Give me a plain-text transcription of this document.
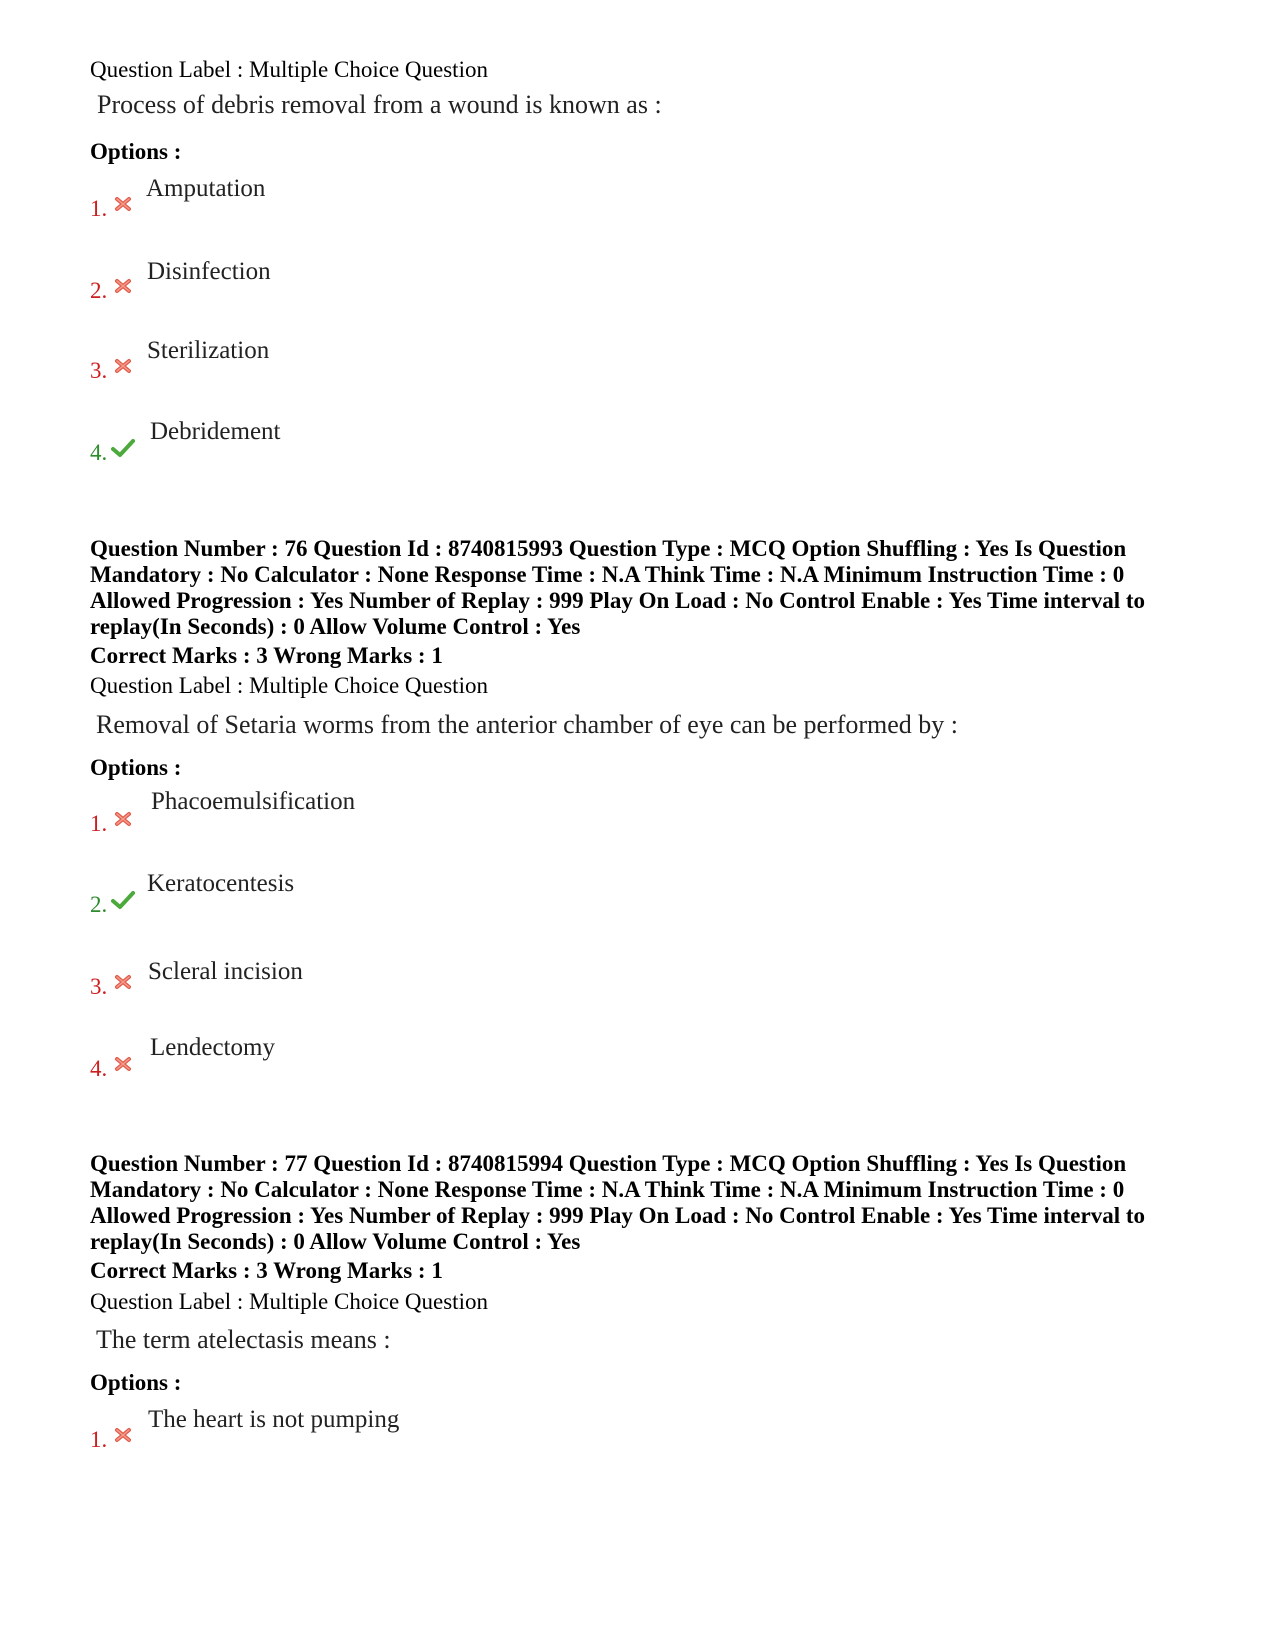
Question Label : Multiple Choice Question
Process of debris removal from a wound is known as :
Options :
1.
Amputation
2.
Disinfection
3.
Sterilization
4.
Debridement
Question Number : 76 Question Id : 8740815993 Question Type : MCQ Option Shuffling : Yes Is Question Mandatory : No Calculator : None Response Time : N.A Think Time : N.A Minimum Instruction Time : 0 Allowed Progression : Yes Number of Replay : 999 Play On Load : No Control Enable : Yes Time interval to replay(In Seconds) : 0 Allow Volume Control : Yes
Correct Marks : 3 Wrong Marks : 1
Question Label : Multiple Choice Question
Removal of Setaria worms from the anterior chamber of eye can be performed by :
Options :
1.
Phacoemulsification
2.
Keratocentesis
3.
Scleral incision
4.
Lendectomy
Question Number : 77 Question Id : 8740815994 Question Type : MCQ Option Shuffling : Yes Is Question Mandatory : No Calculator : None Response Time : N.A Think Time : N.A Minimum Instruction Time : 0 Allowed Progression : Yes Number of Replay : 999 Play On Load : No Control Enable : Yes Time interval to replay(In Seconds) : 0 Allow Volume Control : Yes
Correct Marks : 3 Wrong Marks : 1
Question Label : Multiple Choice Question
The term atelectasis means :
Options :
1.
The heart is not pumping
